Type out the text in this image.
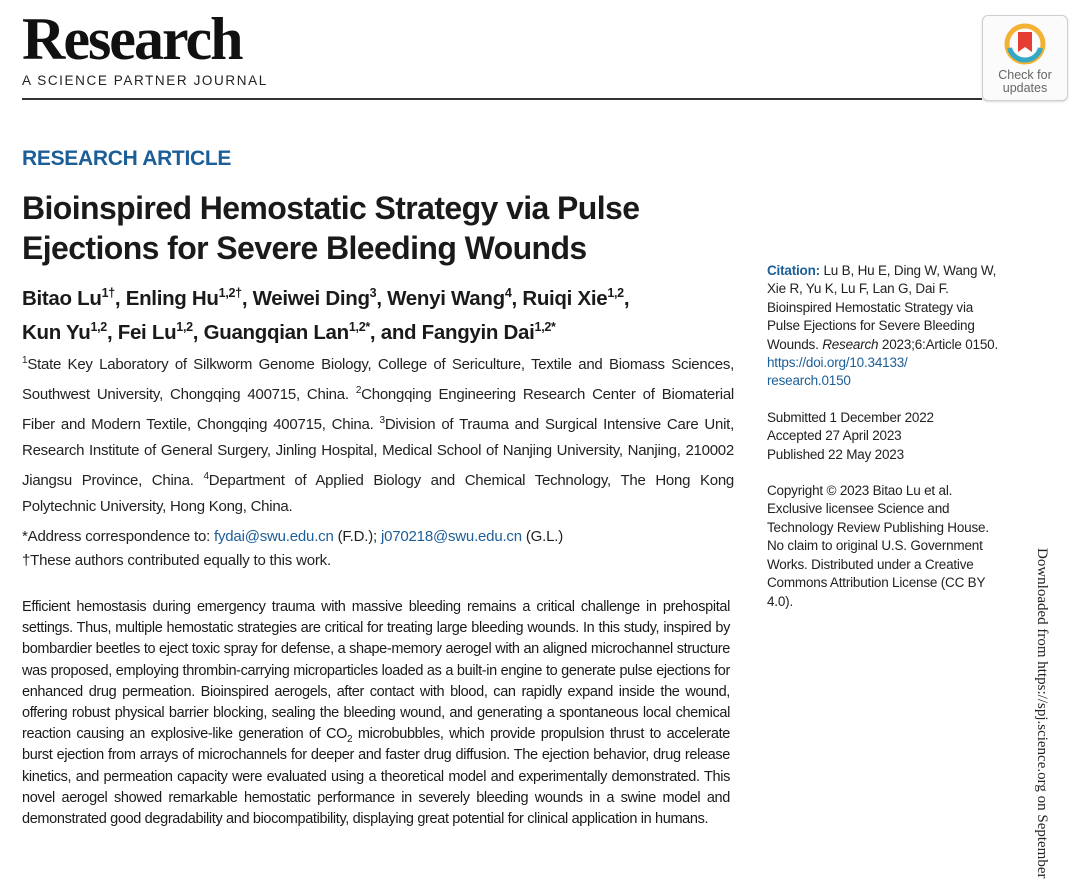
Research
A SCIENCE PARTNER JOURNAL	Check for
updates
RESEARCH ARTICLE
Bioinspired Hemostatic Strategy via Pulse Ejections for Severe Bleeding Wounds
Bitao $Lu^{1\dagger}$, Enling $Hu^{1,2\dagger}$, Weiwei Ding$^3$, Wenyi Wang$^4$, Ruiqi Xie$^{1,2}$,
Kun Yu$^{1,2}$, Fei Lu$^{1,2}$, Guangqian Lan$^{1,2*}$, and Fangyin Dai$^{1,2*}$
$^1$State Key Laboratory of Silkworm Genome Biology, College of Sericulture, Textile and Biomass Sciences, Southwest University, Chongqing 400715, China. $^2$Chongqing Engineering Research Center of Biomaterial Fiber and Modern Textile, Chongqing 400715, China. $^3$Division of Trauma and Surgical Intensive Care Unit, Research Institute of General Surgery, Jinling Hospital, Medical School of Nanjing University, Nanjing, 210002 Jiangsu Province, China. $^4$Department of Applied Biology and Chemical Technology, The Hong Kong Polytechnic University, Hong Kong, China.
*Address correspondence to: fydai@swu.edu.cn (F.D.); j070218@swu.edu.cn (G.L.)
†These authors contributed equally to this work.
Efficient hemostasis during emergency trauma with massive bleeding remains a critical challenge in prehospital settings. Thus, multiple hemostatic strategies are critical for treating large bleeding wounds. In this study, inspired by bombardier beetles to eject toxic spray for defense, a shape-memory aerogel with an aligned microchannel structure was proposed, employing thrombin-carrying microparticles loaded as a built-in engine to generate pulse ejections for enhanced drug permeation. Bioinspired aerogels, after contact with blood, can rapidly expand inside the wound, offering robust physical barrier blocking, sealing the bleeding wound, and generating a spontaneous local chemical reaction causing an explosive-like generation of $CO_2$ microbubbles, which provide propulsion thrust to accelerate burst ejection from arrays of microchannels for deeper and faster drug diffusion. The ejection behavior, drug release kinetics, and permeation capacity were evaluated using a theoretical model and experimentally demonstrated. This novel aerogel showed remarkable hemostatic performance in severely bleeding wounds in a swine model and demonstrated good degradability and biocompatibility, displaying great potential for clinical application in humans.
Citation: Lu B, Hu E, Ding W, Wang W, Xie R, Yu K, Lu F, Lan G, Dai F. Bioinspired Hemostatic Strategy via Pulse Ejections for Severe Bleeding Wounds. Research 2023;6:Article 0150. https://doi.org/10.34133/
research.0150
Submitted 1 December 2022
Accepted 27 April 2023
Published 22 May 2023
Copyright © 2023 Bitao Lu et al. Exclusive licensee Science and Technology Review Publishing House. No claim to original U.S. Government Works. Distributed under a Creative Commons Attribution License (CC BY 4.0).	Downloaded from https://spj.science.org on September
